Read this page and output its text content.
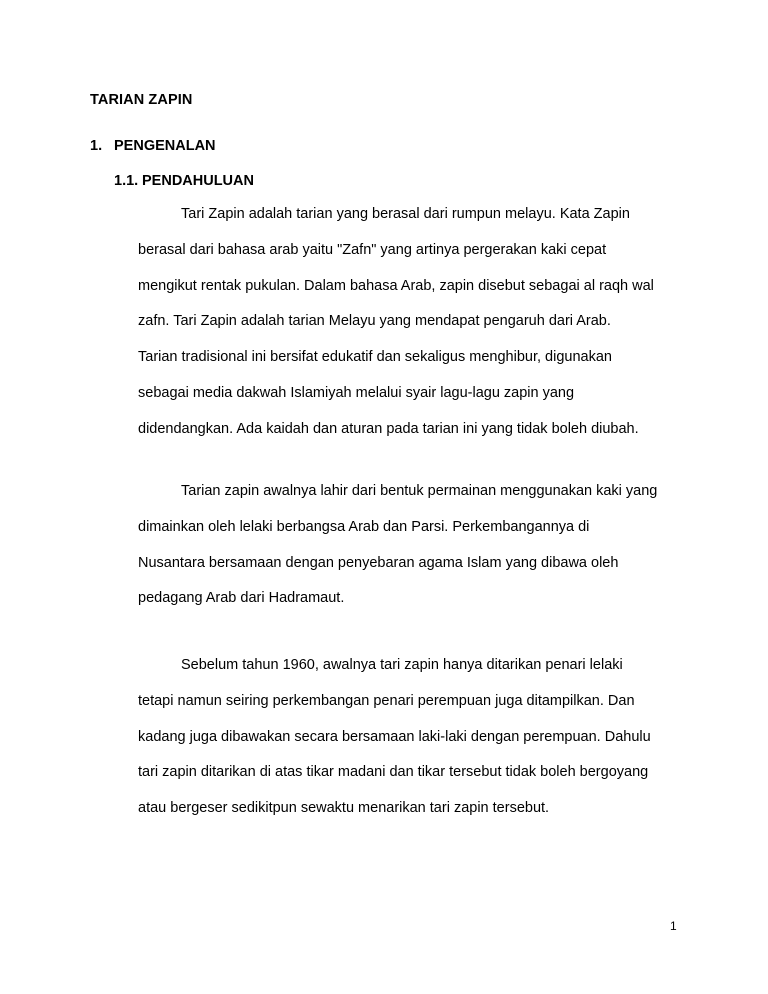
TARIAN ZAPIN
1. PENGENALAN
1.1. PENDAHULUAN

Tari Zapin adalah tarian yang berasal dari rumpun melayu. Kata Zapin
berasal dari bahasa arab yaitu "Zafn" yang artinya pergerakan kaki cepat
mengikut rentak pukulan. Dalam bahasa Arab, zapin disebut sebagai al raqh wal
zafn. Tari Zapin adalah tarian Melayu yang mendapat pengaruh dari Arab.
Tarian tradisional ini bersifat edukatif dan sekaligus menghibur, digunakan
sebagai media dakwah Islamiyah melalui syair lagu-lagu zapin yang
didendangkan. Ada kaidah dan aturan pada tarian ini yang tidak boleh diubah.

Tarian zapin awalnya lahir dari bentuk permainan menggunakan kaki yang
dimainkan oleh lelaki berbangsa Arab dan Parsi. Perkembangannya di
Nusantara bersamaan dengan penyebaran agama Islam yang dibawa oleh
pedagang Arab dari Hadramaut.

Sebelum tahun 1960, awalnya tari zapin hanya ditarikan penari lelaki
tetapi namun seiring perkembangan penari perempuan juga ditampilkan. Dan
kadang juga dibawakan secara bersamaan laki-laki dengan perempuan. Dahulu
tari zapin ditarikan di atas tikar madani dan tikar tersebut tidak boleh bergoyang
atau bergeser sedikitpun sewaktu menarikan tari zapin tersebut.

1
